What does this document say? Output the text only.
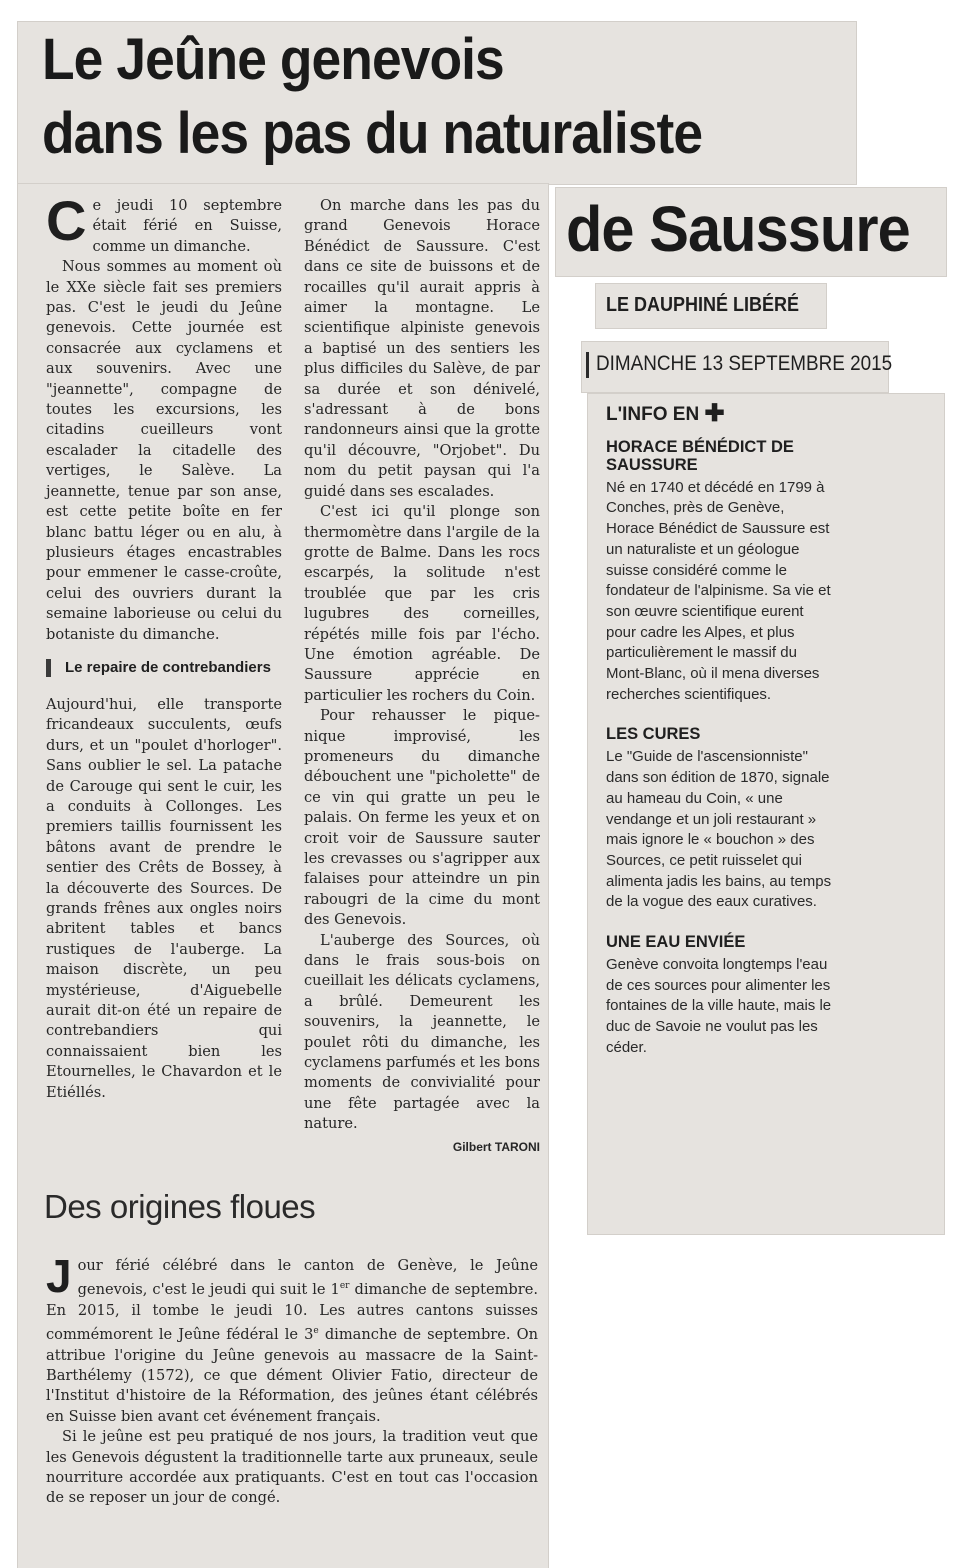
Le Jeûne genevois
dans les pas du naturaliste
de Saussure
LE DAUPHINÉ LIBÉRÉ
DIMANCHE 13 SEPTEMBRE 2015

Ce jeudi 10 septembre était férié en Suisse, comme un dimanche.

Nous sommes au moment où le XXe siècle fait ses premiers pas. C'est le jeudi du Jeûne genevois. Cette journée est consacrée aux cyclamens et aux souvenirs. Avec une "jeannette", compagne de toutes les excursions, les citadins cueilleurs vont escalader la citadelle des vertiges, le Salève. La jeannette, tenue par son anse, est cette petite boîte en fer blanc battu léger ou en alu, à plusieurs étages encastrables pour emmener le casse-croûte, celui des ouvriers durant la semaine laborieuse ou celui du botaniste du dimanche.

Le repaire de contrebandiers

Aujourd'hui, elle transporte fricandeaux succulents, œufs durs, et un "poulet d'horloger". Sans oublier le sel. La patache de Carouge qui sent le cuir, les a conduits à Collonges. Les premiers taillis fournissent les bâtons avant de prendre le sentier des Crêts de Bossey, à la découverte des Sources. De grands frênes aux ongles noirs abritent tables et bancs rustiques de l'auberge. La maison discrète, un peu mystérieuse, d'Aiguebelle aurait dit-on été un repaire de contrebandiers qui connaissaient bien les Etournelles, le Chavardon et le Etiéllés.

On marche dans les pas du grand Genevois Horace Bénédict de Saussure. C'est dans ce site de buissons et de rocailles qu'il aurait appris à aimer la montagne. Le scientifique alpiniste genevois a baptisé un des sentiers les plus difficiles du Salève, de par sa durée et son dénivelé, s'adressant à de bons randonneurs ainsi que la grotte qu'il découvre, "Orjobet". Du nom du petit paysan qui l'a guidé dans ses escalades.

C'est ici qu'il plonge son thermomètre dans l'argile de la grotte de Balme. Dans les rocs escarpés, la solitude n'est troublée que par les cris lugubres des corneilles, répétés mille fois par l'écho. Une émotion agréable. De Saussure apprécie en particulier les rochers du Coin.

Pour rehausser le pique-nique improvisé, les promeneurs du dimanche débouchent une "picholette" de ce vin qui gratte un peu le palais. On ferme les yeux et on croit voir de Saussure sauter les crevasses ou s'agripper aux falaises pour atteindre un pin rabougri de la cime du mont des Genevois.

L'auberge des Sources, où dans le frais sous-bois on cueillait les délicats cyclamens, a brûlé. Demeurent les souvenirs, la jeannette, le poulet rôti du dimanche, les cyclamens parfumés et les bons moments de convivialité pour une fête partagée avec la nature.

Gilbert TARONI
Des origines floues

Jour férié célébré dans le canton de Genève, le Jeûne genevois, c'est le jeudi qui suit le 1er dimanche de septembre. En 2015, il tombe le jeudi 10. Les autres cantons suisses commémorent le Jeûne fédéral le 3e dimanche de septembre. On attribue l'origine du Jeûne genevois au massacre de la Saint-Barthélemy (1572), ce que dément Olivier Fatio, directeur de l'Institut d'histoire de la Réformation, des jeûnes étant célébrés en Suisse bien avant cet événement français.

Si le jeûne est peu pratiqué de nos jours, la tradition veut que les Genevois dégustent la traditionnelle tarte aux pruneaux, seule nourriture accordée aux pratiquants. C'est en tout cas l'occasion de se reposer un jour de congé.

L'INFO EN ✚
HORACE BÉNÉDICT DE SAUSSURE

Né en 1740 et décédé en 1799 à Conches, près de Genève, Horace Bénédict de Saussure est un naturaliste et un géologue suisse considéré comme le fondateur de l'alpinisme. Sa vie et son œuvre scientifique eurent pour cadre les Alpes, et plus particulièrement le massif du Mont-Blanc, où il mena diverses recherches scientifiques.

LES CURES

Le "Guide de l'ascensionniste" dans son édition de 1870, signale au hameau du Coin, « une vendange et un joli restaurant » mais ignore le « bouchon » des Sources, ce petit ruisselet qui alimenta jadis les bains, au temps de la vogue des eaux curatives.

UNE EAU ENVIÉE

Genève convoita longtemps l'eau de ces sources pour alimenter les fontaines de la ville haute, mais le duc de Savoie ne voulut pas les céder.
